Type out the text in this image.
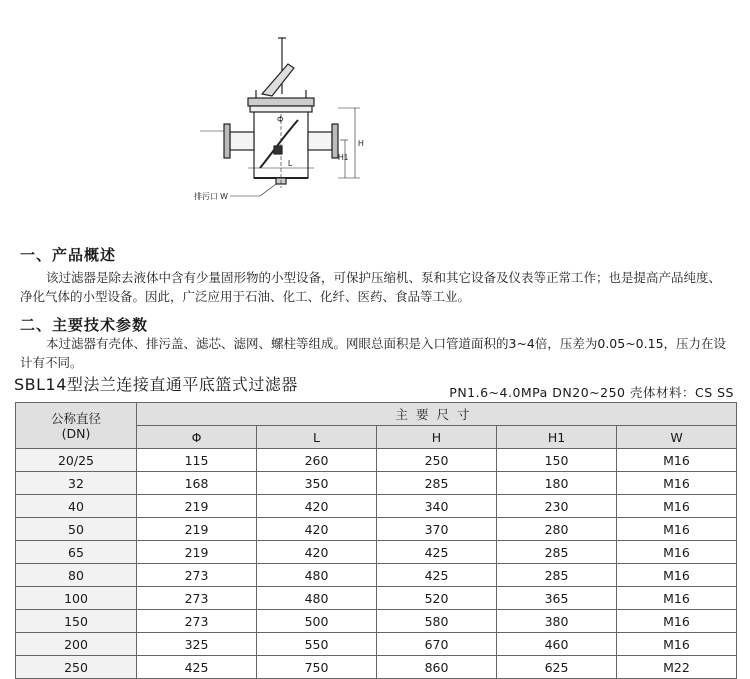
Φ
L
H
H1
排污口 W
一、产品概述
该过滤器是除去液体中含有少量固形物的小型设备，可保护压缩机、泵和其它设备及仪表等正常工作；也是提高产品纯度、
净化气体的小型设备。因此，广泛应用于石油、化工、化纤、医药、食品等工业。
二、主要技术参数
本过滤器有壳体、排污盖、滤芯、滤网、螺柱等组成。网眼总面积是入口管道面积的3~4倍，压差为0.05~0.15，压力在设
计有不同。
SBL14型法兰连接直通平底篮式过滤器	PN1.6~4.0MPa DN20~250 壳体材料：CS SS
公称直径
(DN)	主要尺寸				
	Φ	L	H	H1	W
20/25	115	260	250	150	M16
32	168	350	285	180	M16
40	219	420	340	230	M16
50	219	420	370	280	M16
65	219	420	425	285	M16
80	273	480	425	285	M16
100	273	480	520	365	M16
150	273	500	580	380	M16
200	325	550	670	460	M16
250	425	750	860	625	M22
